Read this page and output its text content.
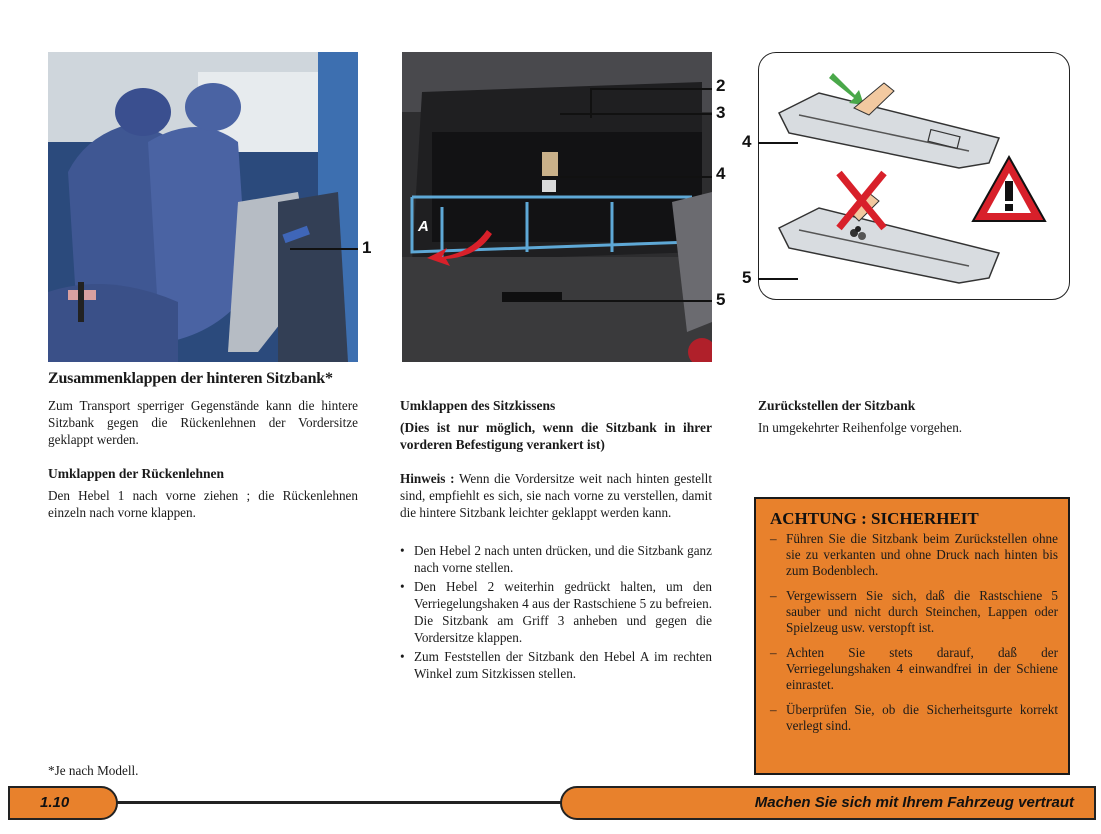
1
A
2
3
4
5
4
5
Zusammenklappen der hinteren Sitzbank*
Zum Transport sperriger Gegenstände kann die hintere Sitzbank gegen die Rückenlehnen der Vordersitze geklappt werden.
Umklappen der Rückenlehnen
Den Hebel 1 nach vorne ziehen ; die Rückenlehnen einzeln nach vorne klappen.
*Je nach Modell.
Umklappen des Sitzkissens
(Dies ist nur möglich, wenn die Sitzbank in ihrer vorderen Befestigung verankert ist)
Hinweis : Wenn die Vordersitze weit nach hinten gestellt sind, empfiehlt es sich, sie nach vorne zu verstellen, damit die hintere Sitzbank leichter geklappt werden kann.
• Den Hebel 2 nach unten drücken, und die Sitzbank ganz nach vorne stellen.
• Den Hebel 2 weiterhin gedrückt halten, um den Verriegelungshaken 4 aus der Rastschiene 5 zu befreien. Die Sitzbank am Griff 3 anheben und gegen die Vordersitze klappen.
• Zum Feststellen der Sitzbank den Hebel A im rechten Winkel zum Sitzkissen stellen.
Zurückstellen der Sitzbank
In umgekehrter Reihenfolge vorgehen.
ACHTUNG : SICHERHEIT
– Führen Sie die Sitzbank beim Zurückstellen ohne sie zu verkanten und ohne Druck nach hinten bis zum Bodenblech.
– Vergewissern Sie sich, daß die Rastschiene 5 sauber und nicht durch Steinchen, Lappen oder Spielzeug usw. verstopft ist.
– Achten Sie stets darauf, daß der Verriegelungshaken 4 einwandfrei in der Schiene einrastet.
– Überprüfen Sie, ob die Sicherheitsgurte korrekt verlegt sind.
1.10	Machen Sie sich mit Ihrem Fahrzeug vertraut
